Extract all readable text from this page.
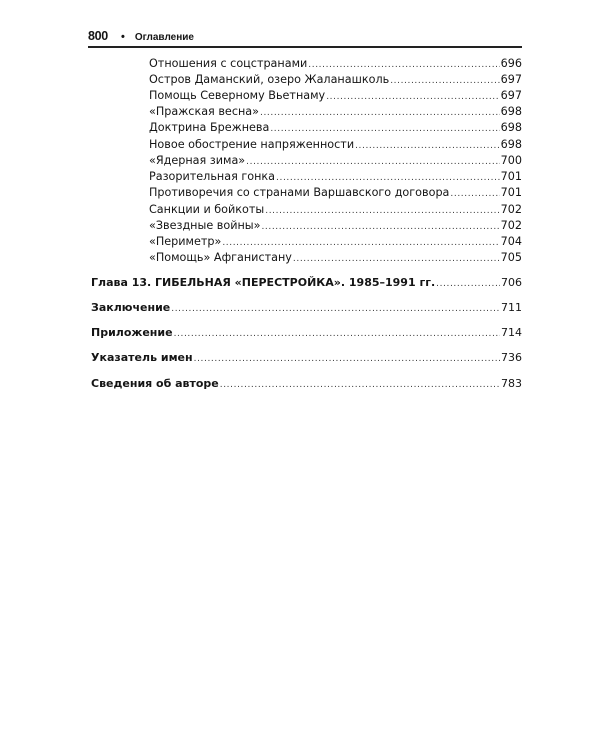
800 • Оглавление
Отношения с соцстранами .....	696
Остров Даманский, озеро Жаланашколь .....	697
Помощь Северному Вьетнаму .....	697
«Пражская весна» .....	698
Доктрина Брежнева .....	698
Новое обострение напряженности .....	698
«Ядерная зима» .....	700
Разорительная гонка .....	701
Противоречия со странами Варшавского договора .....	701
Санкции и бойкоты .....	702
«Звездные войны» .....	702
«Периметр» .....	704
«Помощь» Афганистану .....	705
Глава 13. ГИБЕЛЬНАЯ «ПЕРЕСТРОЙКА». 1985–1991 гг. .....	706
Заключение .....	711
Приложение .....	714
Указатель имен .....	736
Сведения об авторе .....	783
